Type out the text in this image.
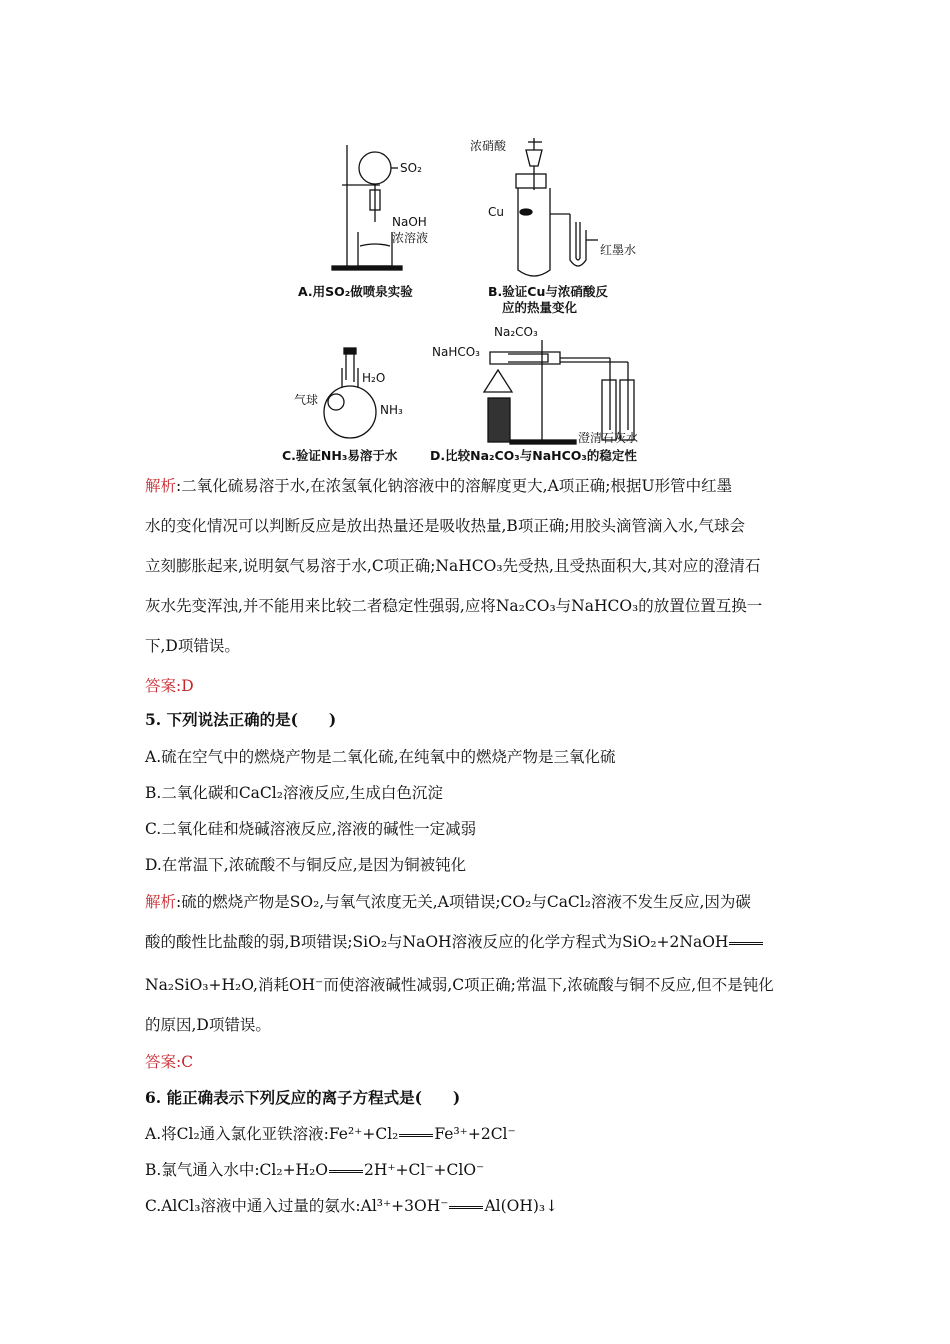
SO₂
NaOH
浓溶液
A.用SO₂做喷泉实验
浓硝酸
Cu
红墨水
B.验证Cu与浓硝酸反
应的热量变化
H₂O
气球
NH₃
C.验证NH₃易溶于水
Na₂CO₃
NaHCO₃
澄清石灰水
D.比较Na₂CO₃与NaHCO₃的稳定性
解析:二氧化硫易溶于水,在浓氢氧化钠溶液中的溶解度更大,A项正确;根据U形管中红墨
水的变化情况可以判断反应是放出热量还是吸收热量,B项正确;用胶头滴管滴入水,气球会
立刻膨胀起来,说明氨气易溶于水,C项正确;NaHCO₃先受热,且受热面积大,其对应的澄清石
灰水先变浑浊,并不能用来比较二者稳定性强弱,应将Na₂CO₃与NaHCO₃的放置位置互换一
下,D项错误。
答案:D
5. 下列说法正确的是(　　)
A.硫在空气中的燃烧产物是二氧化硫,在纯氧中的燃烧产物是三氧化硫
B.二氧化碳和CaCl₂溶液反应,生成白色沉淀
C.二氧化硅和烧碱溶液反应,溶液的碱性一定减弱
D.在常温下,浓硫酸不与铜反应,是因为铜被钝化
解析:硫的燃烧产物是SO₂,与氧气浓度无关,A项错误;CO₂与CaCl₂溶液不发生反应,因为碳
酸的酸性比盐酸的弱,B项错误;SiO₂与NaOH溶液反应的化学方程式为SiO₂+2NaOH
Na₂SiO₃+H₂O,消耗OH⁻而使溶液碱性减弱,C项正确;常温下,浓硫酸与铜不反应,但不是钝化
的原因,D项错误。
答案:C
6. 能正确表示下列反应的离子方程式是(　　)
A.将Cl₂通入氯化亚铁溶液:Fe²⁺+Cl₂ Fe³⁺+2Cl⁻
B.氯气通入水中:Cl₂+H₂O 2H⁺+Cl⁻+ClO⁻
C.AlCl₃溶液中通入过量的氨水:Al³⁺+3OH⁻ Al(OH)₃↓
